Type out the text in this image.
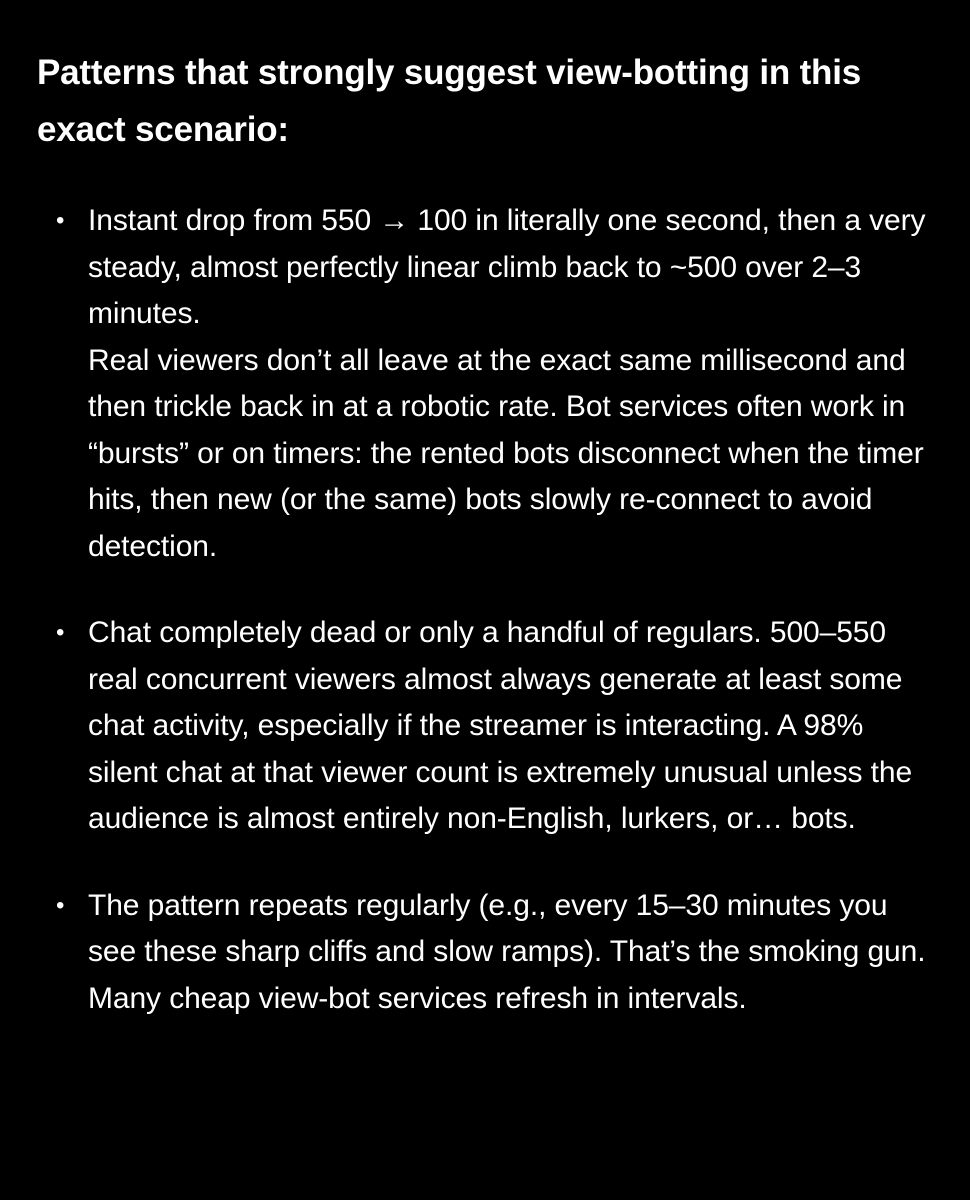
Patterns that strongly suggest view-botting in this exact scenario:
• Instant drop from 550 → 100 in literally one second, then a very steady, almost perfectly linear climb back to ~500 over 2–3 minutes.

Real viewers don’t all leave at the exact same millisecond and then trickle back in at a robotic rate. Bot services often work in “bursts” or on timers: the rented bots disconnect when the timer hits, then new (or the same) bots slowly re-connect to avoid detection.

• Chat completely dead or only a handful of regulars. 500–550 real concurrent viewers almost always generate at least some chat activity, especially if the streamer is interacting. A 98% silent chat at that viewer count is extremely unusual unless the audience is almost entirely non-English, lurkers, or… bots.

• The pattern repeats regularly (e.g., every 15–30 minutes you see these sharp cliffs and slow ramps). That’s the smoking gun. Many cheap view-bot services refresh in intervals.
